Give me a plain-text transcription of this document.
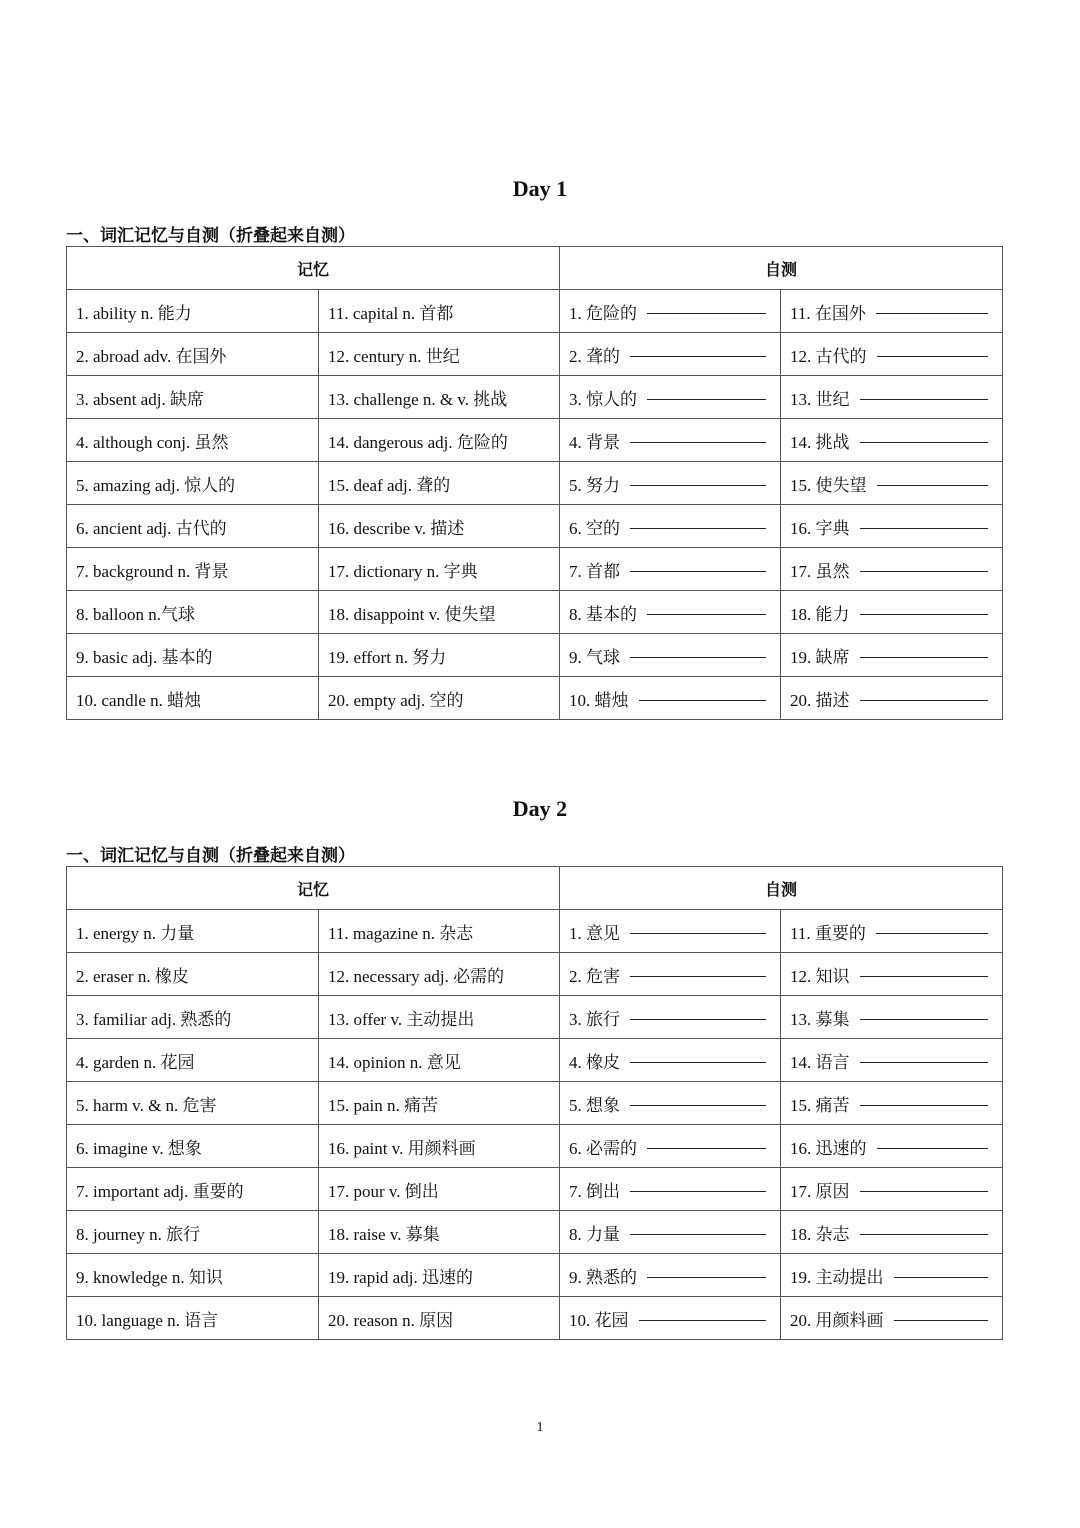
Day 1
一、词汇记忆与自测（折叠起来自测）
记忆		自测	
1. ability n. 能力	11. capital n. 首都	1. 危险的	11. 在国外

2. abroad adv. 在国外	12. century n. 世纪	2. 聋的	12. 古代的

3. absent adj. 缺席	13. challenge n. & v. 挑战	3. 惊人的	13. 世纪

4. although conj. 虽然	14. dangerous adj. 危险的	4. 背景	14. 挑战

5. amazing adj. 惊人的	15. deaf adj. 聋的	5. 努力	15. 使失望

6. ancient adj. 古代的	16. describe v. 描述	6. 空的	16. 字典

7. background n. 背景	17. dictionary n. 字典	7. 首都	17. 虽然

8. balloon n.气球	18. disappoint v. 使失望	8. 基本的	18. 能力

9. basic adj. 基本的	19. effort n. 努力	9. 气球	19. 缺席

10. candle n. 蜡烛	20. empty adj. 空的	10. 蜡烛	20. 描述
Day 2
一、词汇记忆与自测（折叠起来自测）
记忆		自测	
1. energy n. 力量	11. magazine n. 杂志	1. 意见	11. 重要的

2. eraser n. 橡皮	12. necessary adj. 必需的	2. 危害	12. 知识

3. familiar adj. 熟悉的	13. offer v. 主动提出	3. 旅行	13. 募集

4. garden n. 花园	14. opinion n. 意见	4. 橡皮	14. 语言

5. harm v. & n. 危害	15. pain n. 痛苦	5. 想象	15. 痛苦

6. imagine v. 想象	16. paint v. 用颜料画	6. 必需的	16. 迅速的

7. important adj. 重要的	17. pour v. 倒出	7. 倒出	17. 原因

8. journey n. 旅行	18. raise v. 募集	8. 力量	18. 杂志

9. knowledge n. 知识	19. rapid adj. 迅速的	9. 熟悉的	19. 主动提出

10. language n. 语言	20. reason n. 原因	10. 花园	20. 用颜料画
1
